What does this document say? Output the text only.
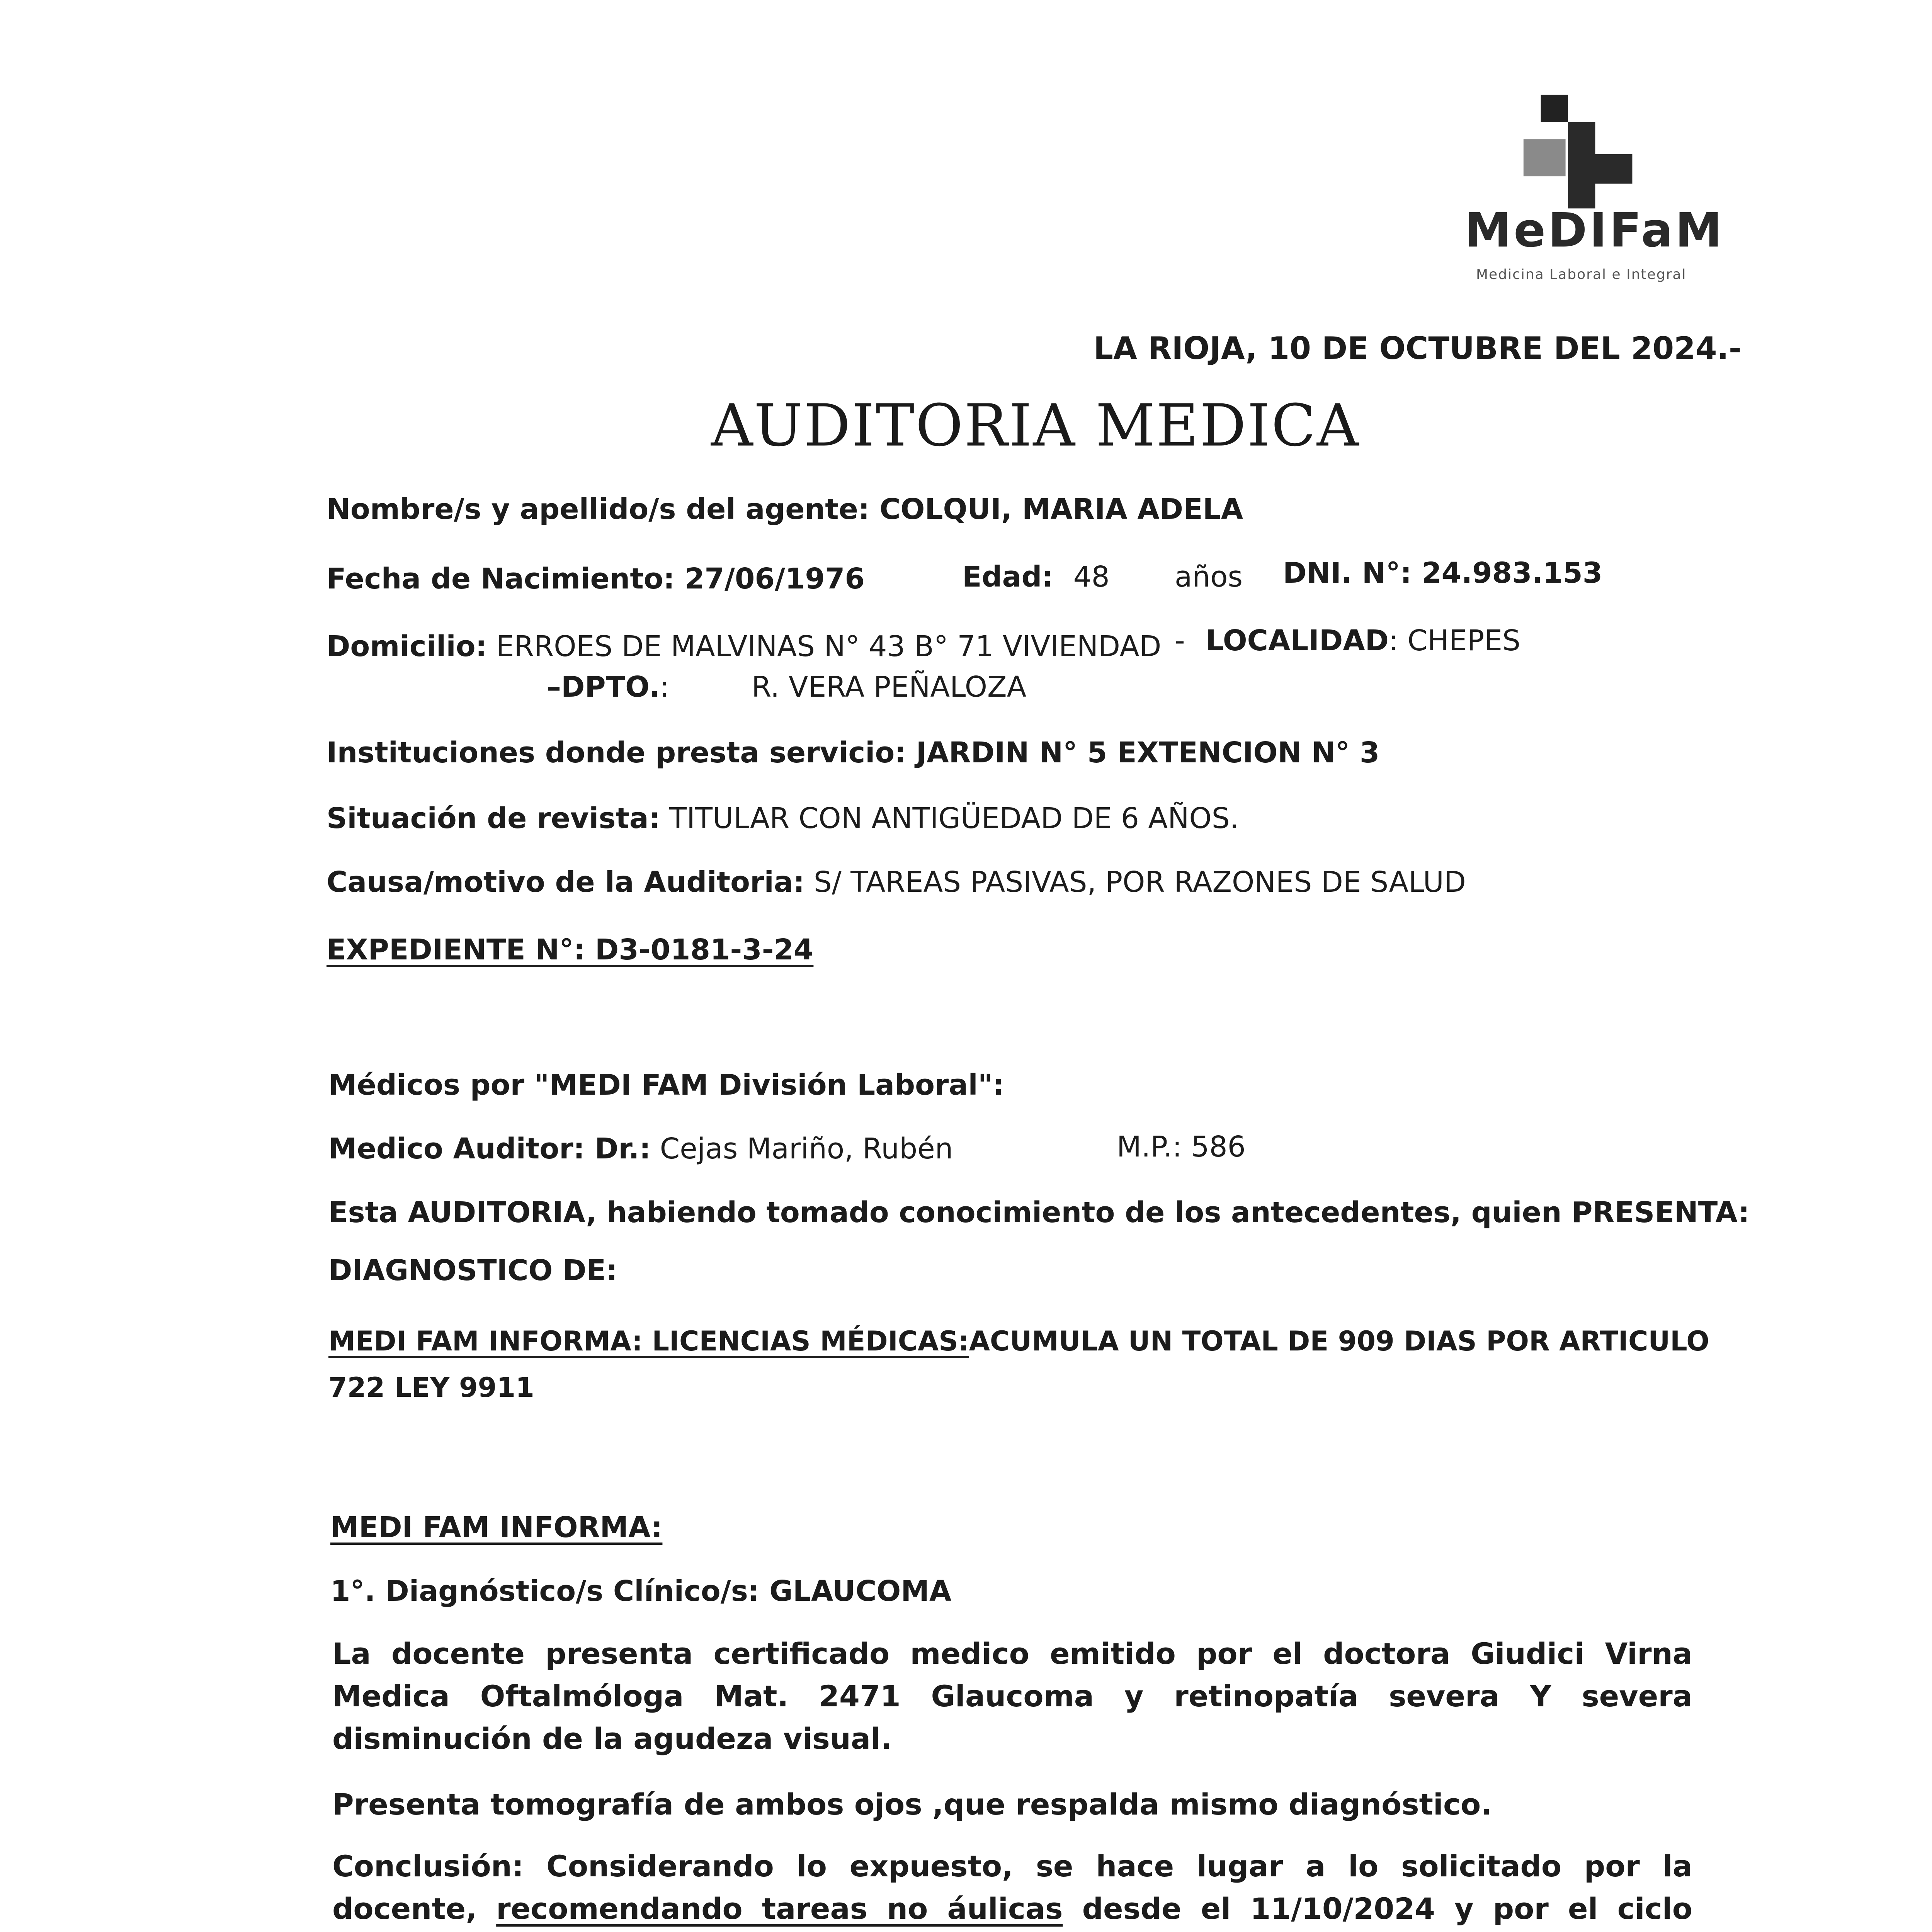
MeDIFaM
Medicina Laboral e Integral
LA RIOJA, 10 DE OCTUBRE DEL 2024.-
AUDITORIA MEDICA
Nombre/s y apellido/s del agente: COLQUI, MARIA ADELA
Fecha de Nacimiento: 27/06/1976	Edad: 48 años DNI. N°: 24.983.153
Domicilio: ERROES DE MALVINAS N° 43 B° 71 VIVIENDAD - LOCALIDAD: CHEPES
–DPTO.:	R. VERA PEÑALOZA
Instituciones donde presta servicio: JARDIN N° 5 EXTENCION N° 3
Situación de revista: TITULAR CON ANTIGÜEDAD DE 6 AÑOS.
Causa/motivo de la Auditoria: S/ TAREAS PASIVAS, POR RAZONES DE SALUD
EXPEDIENTE N°: D3-0181-3-24
Médicos por "MEDI FAM División Laboral":
Medico Auditor: Dr.: Cejas Mariño, Rubén	M.P.: 586
Esta AUDITORIA, habiendo tomado conocimiento de los antecedentes, quien PRESENTA:
DIAGNOSTICO DE:
MEDI FAM INFORMA: LICENCIAS MÉDICAS:ACUMULA UN TOTAL DE 909 DIAS POR ARTICULO
722 LEY 9911
MEDI FAM INFORMA:
1°. Diagnóstico/s Clínico/s: GLAUCOMA
La docente presenta certificado medico emitido por el doctora Giudici Virna Medica Oftalmóloga Mat. 2471 Glaucoma y retinopatía severa Y severa disminución de la agudeza visual.
Presenta tomografía de ambos ojos ,que respalda mismo diagnóstico.
Conclusión: Considerando lo expuesto, se hace lugar a lo solicitado por la docente, recomendando tareas no áulicas desde el 11/10/2024 y por el ciclo
